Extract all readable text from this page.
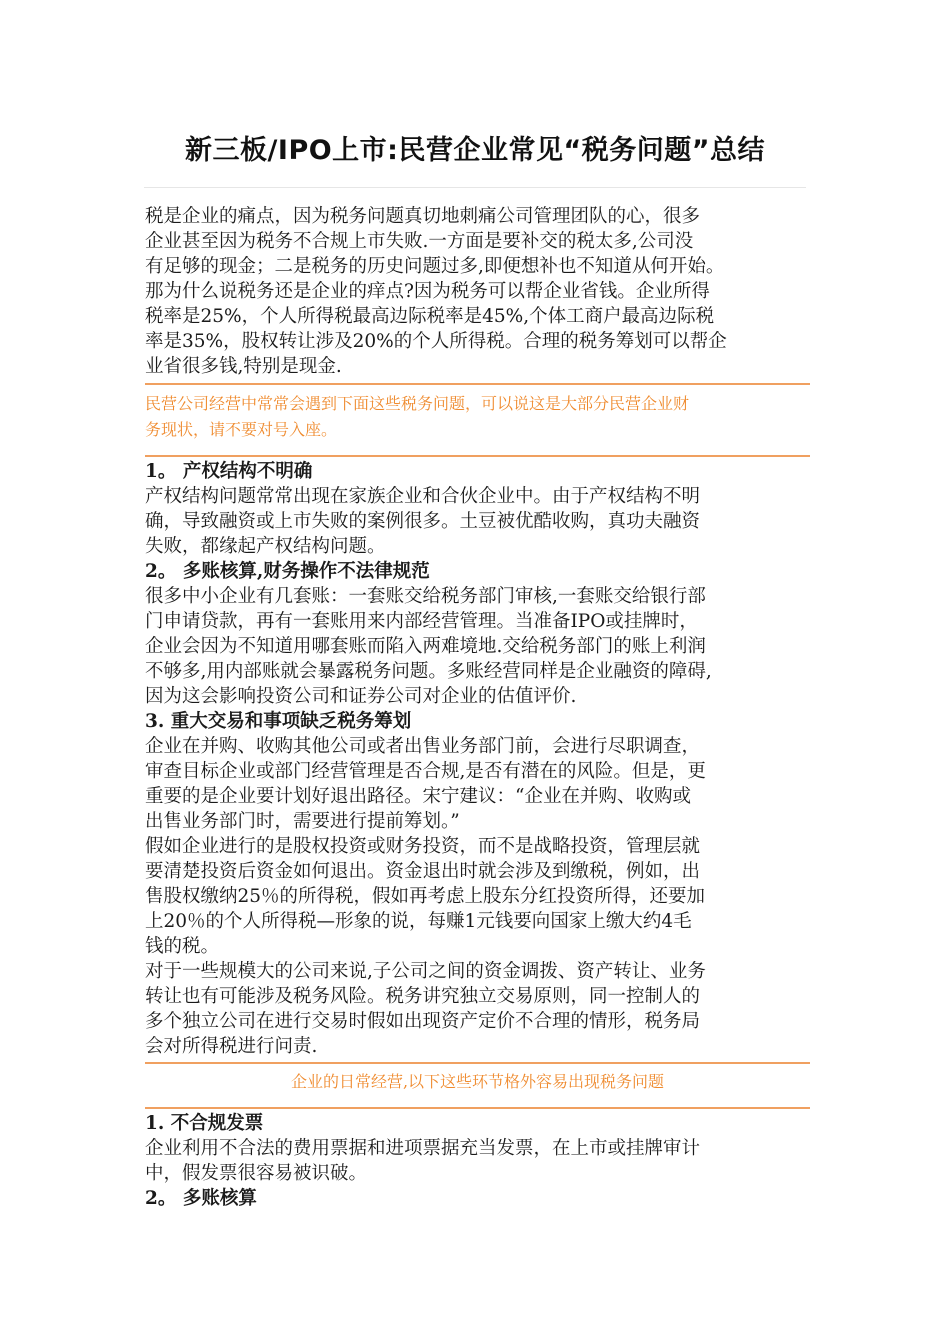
新三板/IPO上市:民营企业常见“税务问题”总结

税是企业的痛点，因为税务问题真切地刺痛公司管理团队的心，很多

企业甚至因为税务不合规上市失败.一方面是要补交的税太多,公司没

有足够的现金；二是税务的历史问题过多,即便想补也不知道从何开始。

那为什么说税务还是企业的痒点?因为税务可以帮企业省钱。企业所得

税率是25%，个人所得税最高边际税率是45%,个体工商户最高边际税

率是35%，股权转让涉及20%的个人所得税。合理的税务筹划可以帮企

业省很多钱,特别是现金.

民营公司经营中常常会遇到下面这些税务问题，可以说这是大部分民营企业财

务现状，请不要对号入座。

1。 产权结构不明确

产权结构问题常常出现在家族企业和合伙企业中。由于产权结构不明

确，导致融资或上市失败的案例很多。土豆被优酷收购，真功夫融资

失败，都缘起产权结构问题。

2。 多账核算,财务操作不法律规范

很多中小企业有几套账：一套账交给税务部门审核,一套账交给银行部

门申请贷款，再有一套账用来内部经营管理。当准备IPO或挂牌时，

企业会因为不知道用哪套账而陷入两难境地.交给税务部门的账上利润

不够多,用内部账就会暴露税务问题。多账经营同样是企业融资的障碍,

因为这会影响投资公司和证券公司对企业的估值评价.

3. 重大交易和事项缺乏税务筹划

企业在并购、收购其他公司或者出售业务部门前，会进行尽职调查，

审查目标企业或部门经营管理是否合规,是否有潜在的风险。但是，更

重要的是企业要计划好退出路径。宋宁建议：“企业在并购、收购或

出售业务部门时，需要进行提前筹划。”

假如企业进行的是股权投资或财务投资，而不是战略投资，管理层就

要清楚投资后资金如何退出。资金退出时就会涉及到缴税，例如，出

售股权缴纳25％的所得税，假如再考虑上股东分红投资所得，还要加

上20％的个人所得税—形象的说，每赚1元钱要向国家上缴大约4毛

钱的税。

对于一些规模大的公司来说,子公司之间的资金调拨、资产转让、业务

转让也有可能涉及税务风险。税务讲究独立交易原则，同一控制人的

多个独立公司在进行交易时假如出现资产定价不合理的情形，税务局

会对所得税进行问责.

企业的日常经营,以下这些环节格外容易出现税务问题

1. 不合规发票

企业利用不合法的费用票据和进项票据充当发票，在上市或挂牌审计

中，假发票很容易被识破。

2。 多账核算
